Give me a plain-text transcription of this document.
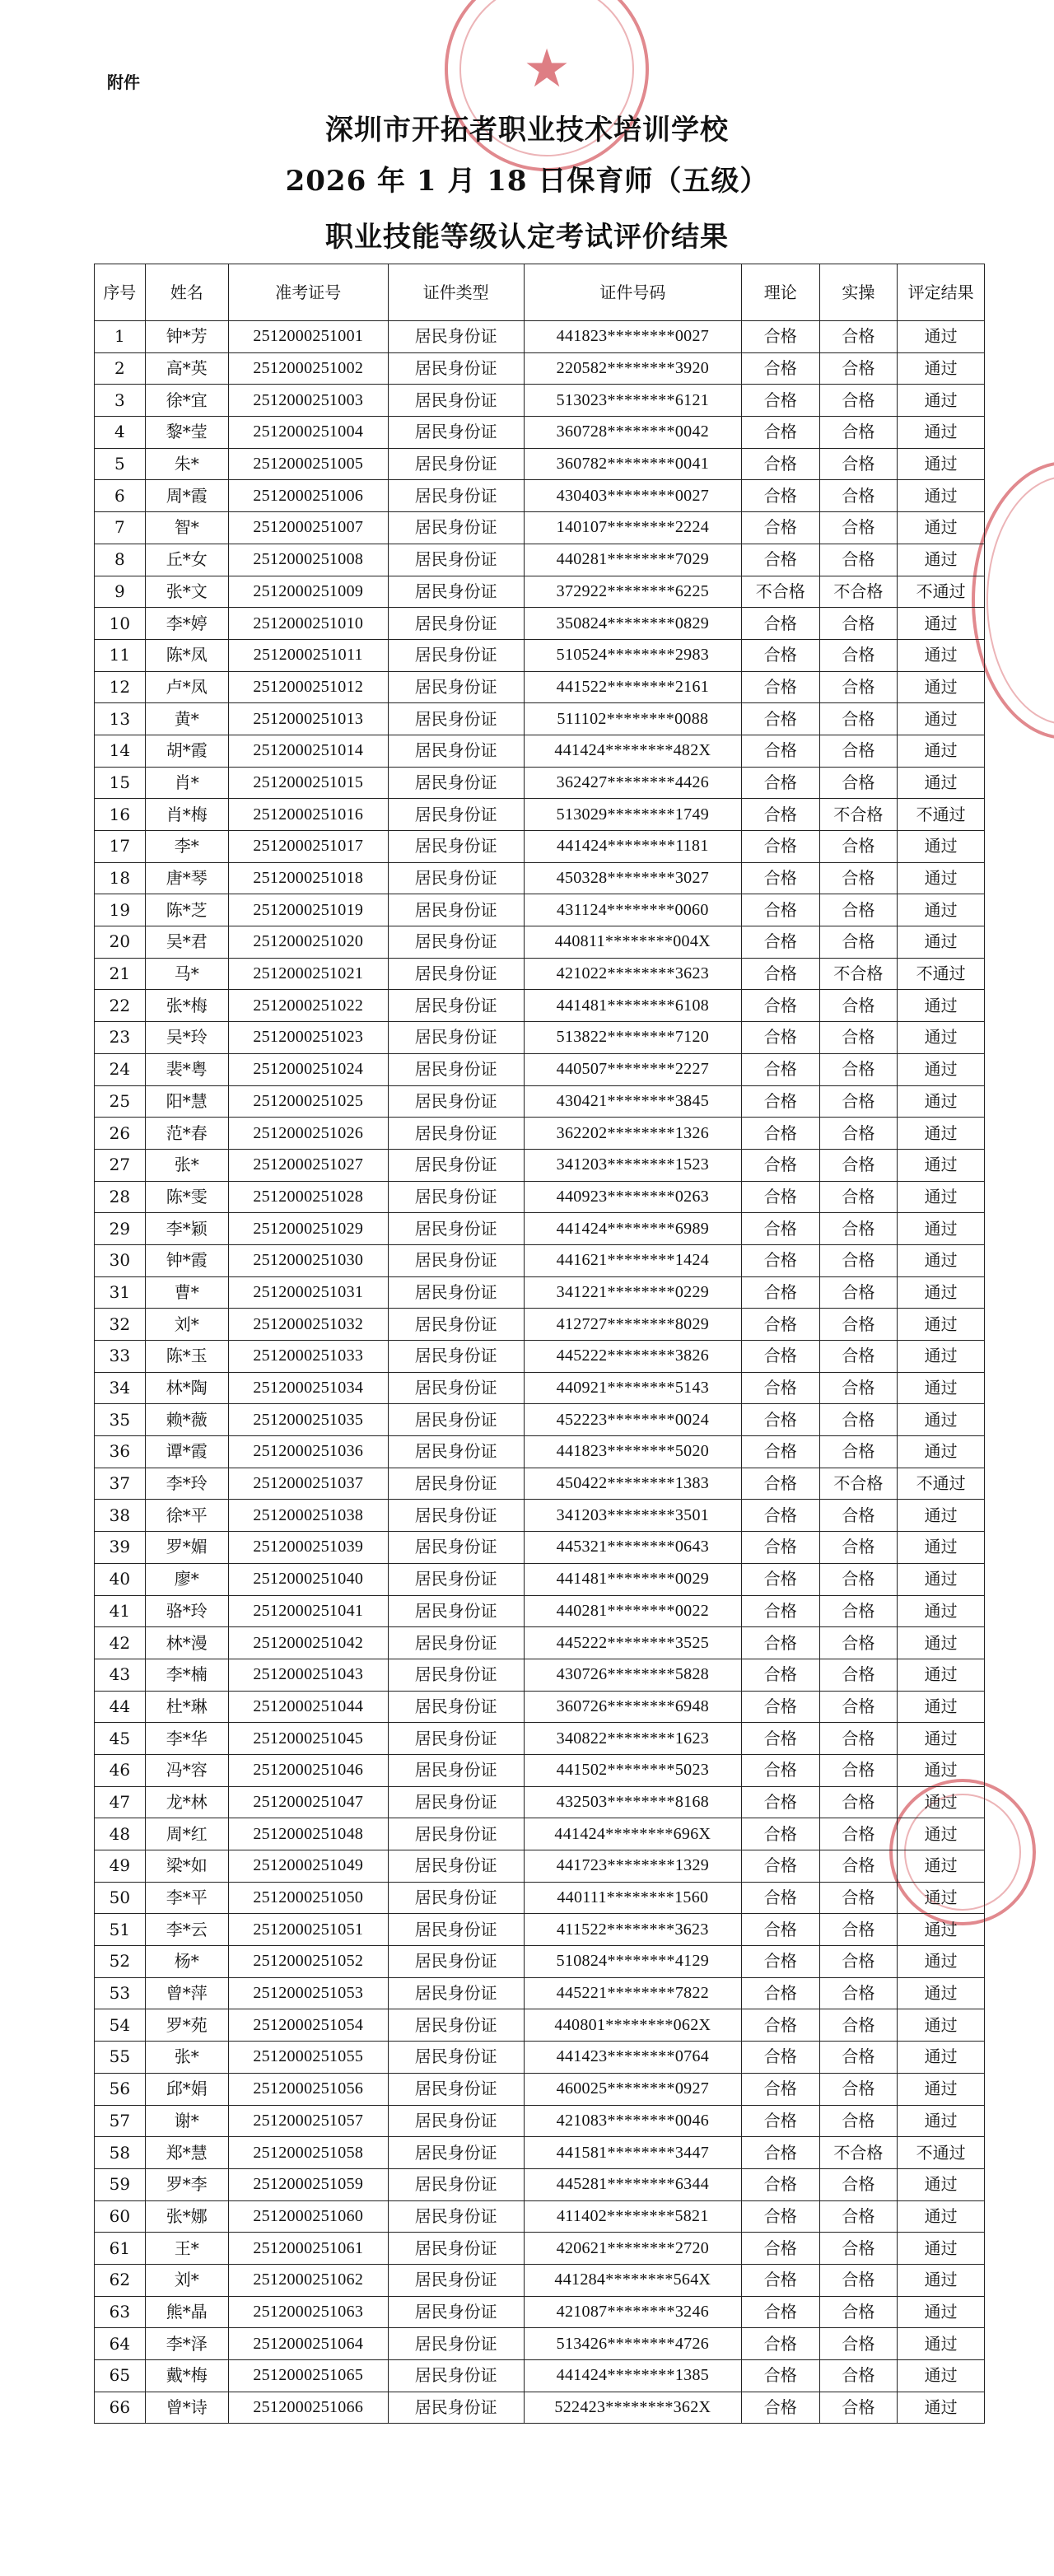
★
附件
深圳市开拓者职业技术培训学校
2026 年 1 月 18 日保育师（五级）
职业技能等级认定考试评价结果
序号	姓名	准考证号	证件类型	证件号码	理论	实操	评定结果
1	钟*芳	2512000251001	居民身份证	441823********0027	合格	合格	通过
2	高*英	2512000251002	居民身份证	220582********3920	合格	合格	通过
3	徐*宜	2512000251003	居民身份证	513023********6121	合格	合格	通过
4	黎*莹	2512000251004	居民身份证	360728********0042	合格	合格	通过
5	朱*	2512000251005	居民身份证	360782********0041	合格	合格	通过
6	周*霞	2512000251006	居民身份证	430403********0027	合格	合格	通过
7	智*	2512000251007	居民身份证	140107********2224	合格	合格	通过
8	丘*女	2512000251008	居民身份证	440281********7029	合格	合格	通过
9	张*文	2512000251009	居民身份证	372922********6225	不合格	不合格	不通过
10	李*婷	2512000251010	居民身份证	350824********0829	合格	合格	通过
11	陈*凤	2512000251011	居民身份证	510524********2983	合格	合格	通过
12	卢*凤	2512000251012	居民身份证	441522********2161	合格	合格	通过
13	黄*	2512000251013	居民身份证	511102********0088	合格	合格	通过
14	胡*霞	2512000251014	居民身份证	441424********482X	合格	合格	通过
15	肖*	2512000251015	居民身份证	362427********4426	合格	合格	通过
16	肖*梅	2512000251016	居民身份证	513029********1749	合格	不合格	不通过
17	李*	2512000251017	居民身份证	441424********1181	合格	合格	通过
18	唐*琴	2512000251018	居民身份证	450328********3027	合格	合格	通过
19	陈*芝	2512000251019	居民身份证	431124********0060	合格	合格	通过
20	吴*君	2512000251020	居民身份证	440811********004X	合格	合格	通过
21	马*	2512000251021	居民身份证	421022********3623	合格	不合格	不通过
22	张*梅	2512000251022	居民身份证	441481********6108	合格	合格	通过
23	吴*玲	2512000251023	居民身份证	513822********7120	合格	合格	通过
24	裴*粤	2512000251024	居民身份证	440507********2227	合格	合格	通过
25	阳*慧	2512000251025	居民身份证	430421********3845	合格	合格	通过
26	范*春	2512000251026	居民身份证	362202********1326	合格	合格	通过
27	张*	2512000251027	居民身份证	341203********1523	合格	合格	通过
28	陈*雯	2512000251028	居民身份证	440923********0263	合格	合格	通过
29	李*颖	2512000251029	居民身份证	441424********6989	合格	合格	通过
30	钟*霞	2512000251030	居民身份证	441621********1424	合格	合格	通过
31	曹*	2512000251031	居民身份证	341221********0229	合格	合格	通过
32	刘*	2512000251032	居民身份证	412727********8029	合格	合格	通过
33	陈*玉	2512000251033	居民身份证	445222********3826	合格	合格	通过
34	林*陶	2512000251034	居民身份证	440921********5143	合格	合格	通过
35	赖*薇	2512000251035	居民身份证	452223********0024	合格	合格	通过
36	谭*霞	2512000251036	居民身份证	441823********5020	合格	合格	通过
37	李*玲	2512000251037	居民身份证	450422********1383	合格	不合格	不通过
38	徐*平	2512000251038	居民身份证	341203********3501	合格	合格	通过
39	罗*媚	2512000251039	居民身份证	445321********0643	合格	合格	通过
40	廖*	2512000251040	居民身份证	441481********0029	合格	合格	通过
41	骆*玲	2512000251041	居民身份证	440281********0022	合格	合格	通过
42	林*漫	2512000251042	居民身份证	445222********3525	合格	合格	通过
43	李*楠	2512000251043	居民身份证	430726********5828	合格	合格	通过
44	杜*琳	2512000251044	居民身份证	360726********6948	合格	合格	通过
45	李*华	2512000251045	居民身份证	340822********1623	合格	合格	通过
46	冯*容	2512000251046	居民身份证	441502********5023	合格	合格	通过
47	龙*林	2512000251047	居民身份证	432503********8168	合格	合格	通过
48	周*红	2512000251048	居民身份证	441424********696X	合格	合格	通过
49	梁*如	2512000251049	居民身份证	441723********1329	合格	合格	通过
50	李*平	2512000251050	居民身份证	440111********1560	合格	合格	通过
51	李*云	2512000251051	居民身份证	411522********3623	合格	合格	通过
52	杨*	2512000251052	居民身份证	510824********4129	合格	合格	通过
53	曾*萍	2512000251053	居民身份证	445221********7822	合格	合格	通过
54	罗*苑	2512000251054	居民身份证	440801********062X	合格	合格	通过
55	张*	2512000251055	居民身份证	441423********0764	合格	合格	通过
56	邱*娟	2512000251056	居民身份证	460025********0927	合格	合格	通过
57	谢*	2512000251057	居民身份证	421083********0046	合格	合格	通过
58	郑*慧	2512000251058	居民身份证	441581********3447	合格	不合格	不通过
59	罗*李	2512000251059	居民身份证	445281********6344	合格	合格	通过
60	张*娜	2512000251060	居民身份证	411402********5821	合格	合格	通过
61	王*	2512000251061	居民身份证	420621********2720	合格	合格	通过
62	刘*	2512000251062	居民身份证	441284********564X	合格	合格	通过
63	熊*晶	2512000251063	居民身份证	421087********3246	合格	合格	通过
64	李*泽	2512000251064	居民身份证	513426********4726	合格	合格	通过
65	戴*梅	2512000251065	居民身份证	441424********1385	合格	合格	通过
66	曾*诗	2512000251066	居民身份证	522423********362X	合格	合格	通过
